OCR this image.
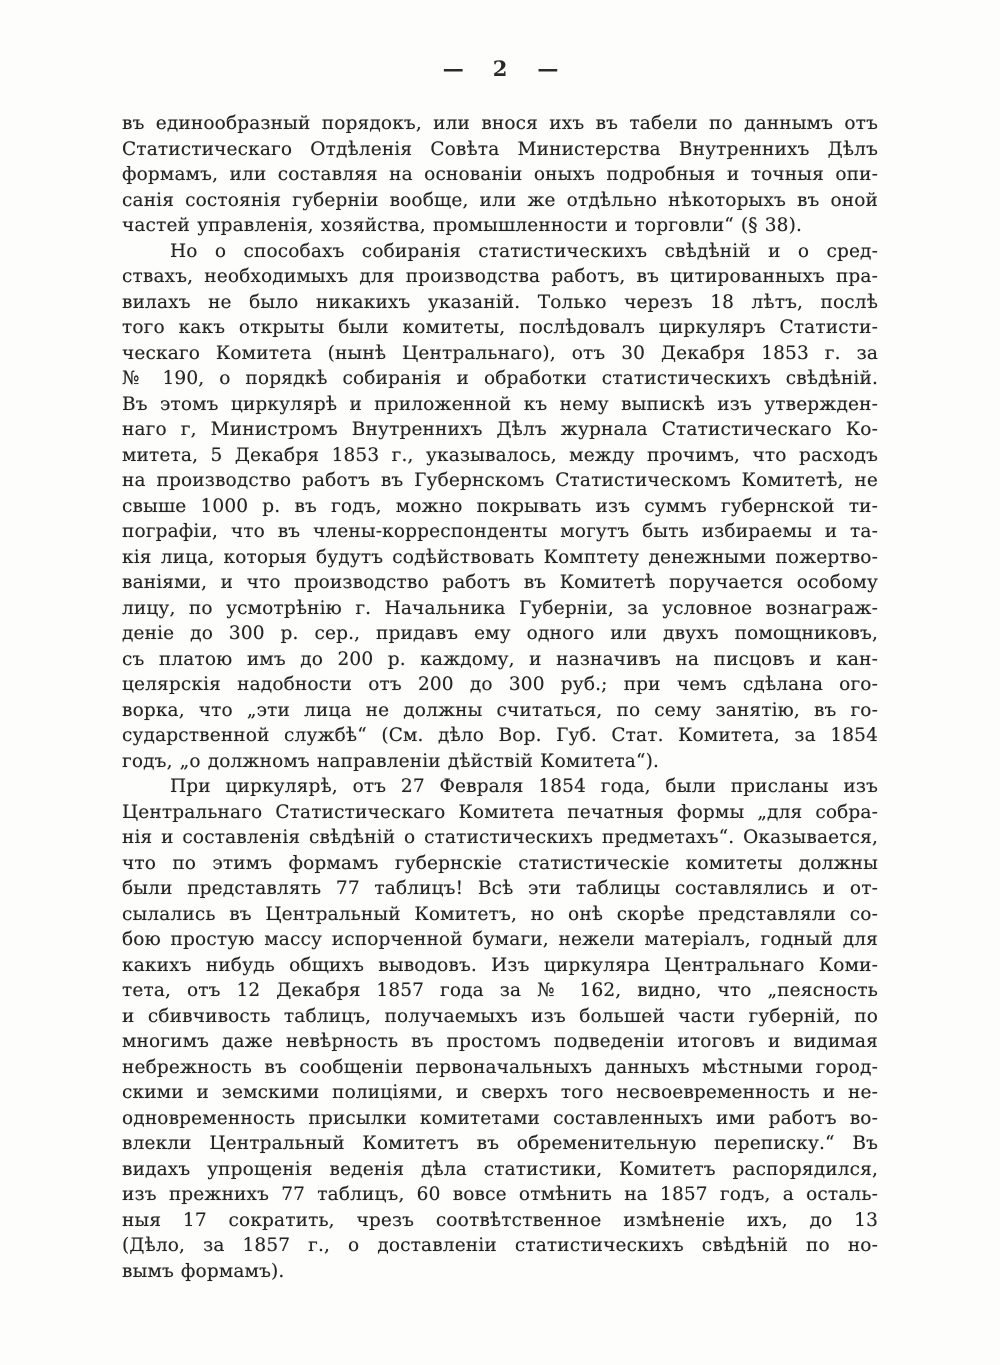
— 2 —
въ единообразный порядокъ, или внося ихъ въ табели по даннымъ отъ
Статистическаго Отдѣленія Совѣта Министерства Внутреннихъ Дѣлъ
формамъ, или составляя на основаніи оныхъ подробныя и точныя опи-
санія состоянія губерніи вообще, или же отдѣльно нѣкоторыхъ въ оной
частей управленія, хозяйства, промышленности и торговли“ (§ 38).
Но о способахъ собиранія статистическихъ свѣдѣній и о сред-
ствахъ, необходимыхъ для производства работъ, въ цитированныхъ пра-
вилахъ не было никакихъ указаній. Только черезъ 18 лѣтъ, послѣ
того какъ открыты были комитеты, послѣдовалъ циркуляръ Статисти-
ческаго Комитета (нынѣ Центральнаго), отъ 30 Декабря 1853 г. за
№ 190, о порядкѣ собиранія и обработки статистическихъ свѣдѣній.
Въ этомъ циркулярѣ и приложенной къ нему выпискѣ изъ утвержден-
наго г, Министромъ Внутреннихъ Дѣлъ журнала Статистическаго Ко-
митета, 5 Декабря 1853 г., указывалось, между прочимъ, что расходъ
на производство работъ въ Губернскомъ Статистическомъ Комитетѣ, не
свыше 1000 р. въ годъ, можно покрывать изъ суммъ губернской ти-
пографіи, что въ члены-корреспонденты могутъ быть избираемы и та-
кія лица, которыя будутъ содѣйствовать Комптету денежными пожертво-
ваніями, и что производство работъ въ Комитетѣ поручается особому
лицу, по усмотрѣнію г. Начальника Губерніи, за условное вознаграж-
деніе до 300 р. сер., придавъ ему одного или двухъ помощниковъ,
съ платою имъ до 200 р. каждому, и назначивъ на писцовъ и кан-
целярскія надобности отъ 200 до 300 руб.; при чемъ сдѣлана ого-
ворка, что „эти лица не должны считаться, по сему занятію, въ го-
сударственной службѣ“ (См. дѣло Вор. Губ. Стат. Комитета, за 1854
годъ, „о должномъ направленіи дѣйствій Комитета“).
При циркулярѣ, отъ 27 Февраля 1854 года, были присланы изъ
Центральнаго Статистическаго Комитета печатныя формы „для собра-
нія и составленія свѣдѣній о статистическихъ предметахъ“. Оказывается,
что по этимъ формамъ губернскіе статистическіе комитеты должны
были представлять 77 таблицъ! Всѣ эти таблицы составлялись и от-
сылались въ Центральный Комитетъ, но онѣ скорѣе представляли со-
бою простую массу испорченной бумаги, нежели матеріалъ, годный для
какихъ нибудь общихъ выводовъ. Изъ циркуляра Центральнаго Коми-
тета, отъ 12 Декабря 1857 года за № 162, видно, что „пеясность
и сбивчивость таблицъ, получаемыхъ изъ большей части губерній, по
многимъ даже невѣрность въ простомъ подведеніи итоговъ и видимая
небрежность въ сообщеніи первоначальныхъ данныхъ мѣстными город-
скими и земскими полиціями, и сверхъ того несвоевременность и не-
одновременность присылки комитетами составленныхъ ими работъ во-
влекли Центральный Комитетъ въ обременительную переписку.“ Въ
видахъ упрощенія веденія дѣла статистики, Комитетъ распорядился,
изъ прежнихъ 77 таблицъ, 60 вовсе отмѣнить на 1857 годъ, а осталь-
ныя 17 сократить, чрезъ соотвѣтственное измѣненіе ихъ, до 13
(Дѣло, за 1857 г., о доставленіи статистическихъ свѣдѣній по но-
вымъ формамъ).
